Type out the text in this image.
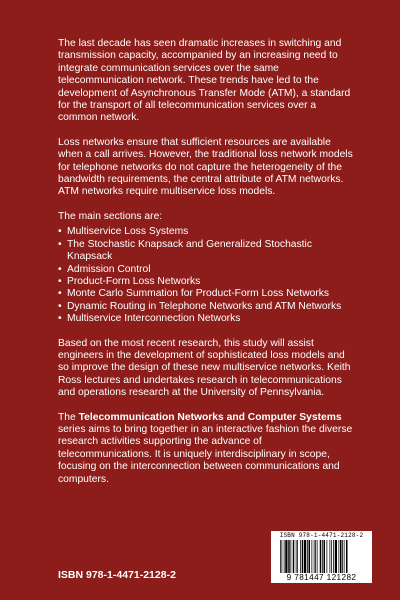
The last decade has seen dramatic increases in switching and transmission capacity, accompanied by an increasing need to integrate communication services over the same telecommunication network. These trends have led to the development of Asynchronous Transfer Mode (ATM), a standard for the transport of all telecommunication services over a common network.

Loss networks ensure that sufficient resources are available when a call arrives. However, the traditional loss network models for telephone networks do not capture the heterogeneity of the bandwidth requirements, the central attribute of ATM networks. ATM networks require multiservice loss models.

The main sections are:

• Multiservice Loss Systems
• The Stochastic Knapsack and Generalized Stochastic Knapsack
• Admission Control
• Product-Form Loss Networks
• Monte Carlo Summation for Product-Form Loss Networks
• Dynamic Routing in Telephone Networks and ATM Networks
• Multiservice Interconnection Networks

Based on the most recent research, this study will assist engineers in the development of sophisticated loss models and so improve the design of these new multiservice networks. Keith Ross lectures and undertakes research in telecommunications and operations research at the University of Pennsylvania.

The Telecommunication Networks and Computer Systems series aims to bring together in an interactive fashion the diverse research activities supporting the advance of telecommunications. It is uniquely interdisciplinary in scope, focusing on the interconnection between communications and computers.

ISBN 978-1-4471-2128-2
ISBN 978-1-4471-2128-2
9 781447 121282
